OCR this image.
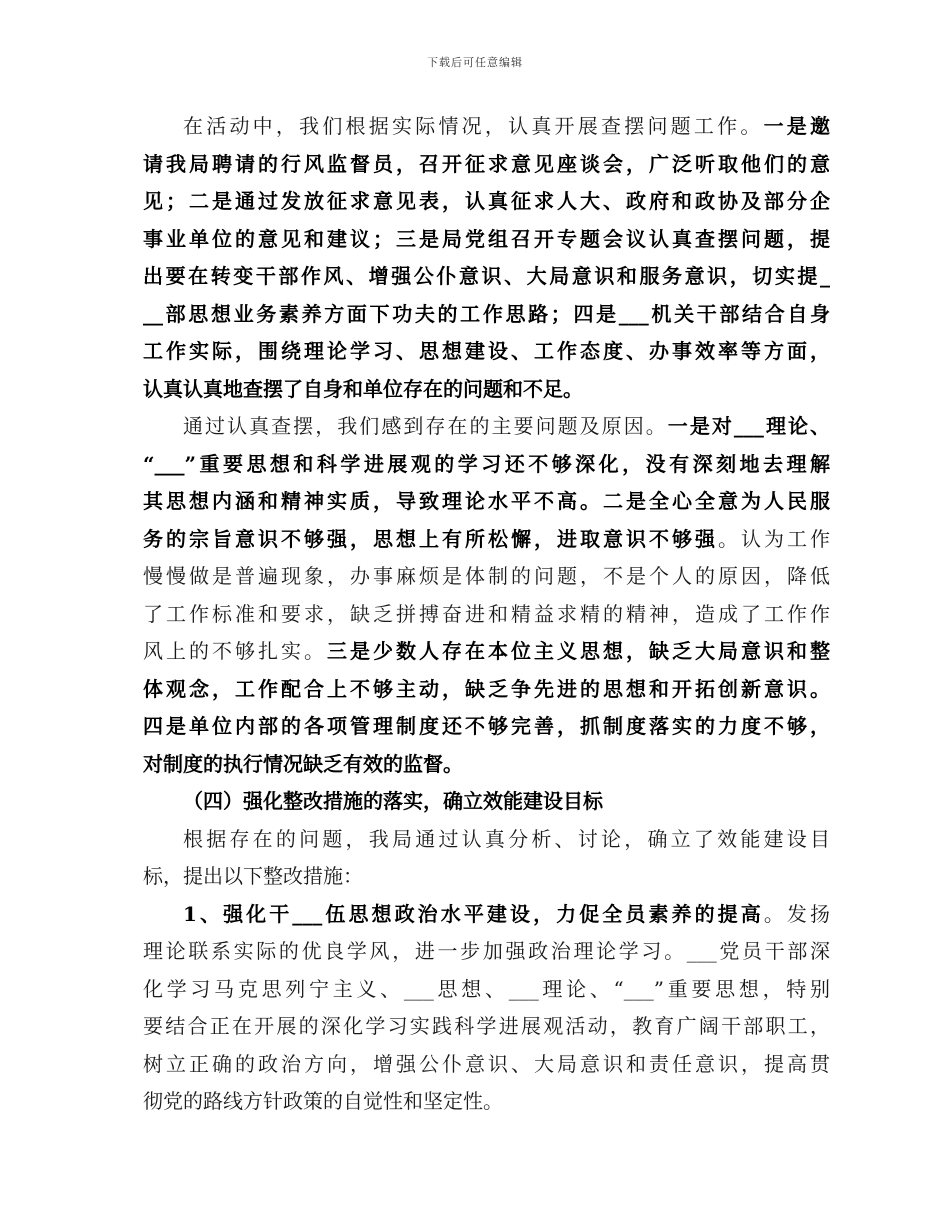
下载后可任意编辑
在活动中，我们根据实际情况，认真开展查摆问题工作。一是邀
请我局聘请的行风监督员，召开征求意见座谈会，广泛听取他们的意
见；二是通过发放征求意见表，认真征求人大、政府和政协及部分企
事业单位的意见和建议；三是局党组召开专题会议认真查摆问题，提
出要在转变干部作风、增强公仆意识、大局意识和服务意识，切实提_
__部思想业务素养方面下功夫的工作思路；四是___机关干部结合自身
工作实际，围绕理论学习、思想建设、工作态度、办事效率等方面，
认真认真地查摆了自身和单位存在的问题和不足。
通过认真查摆，我们感到存在的主要问题及原因。一是对___理论、
“___”重要思想和科学进展观的学习还不够深化，没有深刻地去理解
其思想内涵和精神实质，导致理论水平不高。二是全心全意为人民服
务的宗旨意识不够强，思想上有所松懈，进取意识不够强。认为工作
慢慢做是普遍现象，办事麻烦是体制的问题，不是个人的原因，降低
了工作标准和要求，缺乏拼搏奋进和精益求精的精神，造成了工作作
风上的不够扎实。三是少数人存在本位主义思想，缺乏大局意识和整
体观念，工作配合上不够主动，缺乏争先进的思想和开拓创新意识。
四是单位内部的各项管理制度还不够完善，抓制度落实的力度不够，
对制度的执行情况缺乏有效的监督。
（四）强化整改措施的落实，确立效能建设目标
根据存在的问题，我局通过认真分析、讨论，确立了效能建设目
标，提出以下整改措施：
1、强化干___伍思想政治水平建设，力促全员素养的提高。发扬
理论联系实际的优良学风，进一步加强政治理论学习。___党员干部深
化学习马克思列宁主义、___思想、___理论、“___”重要思想，特别
要结合正在开展的深化学习实践科学进展观活动，教育广阔干部职工，
树立正确的政治方向，增强公仆意识、大局意识和责任意识，提高贯
彻党的路线方针政策的自觉性和坚定性。
